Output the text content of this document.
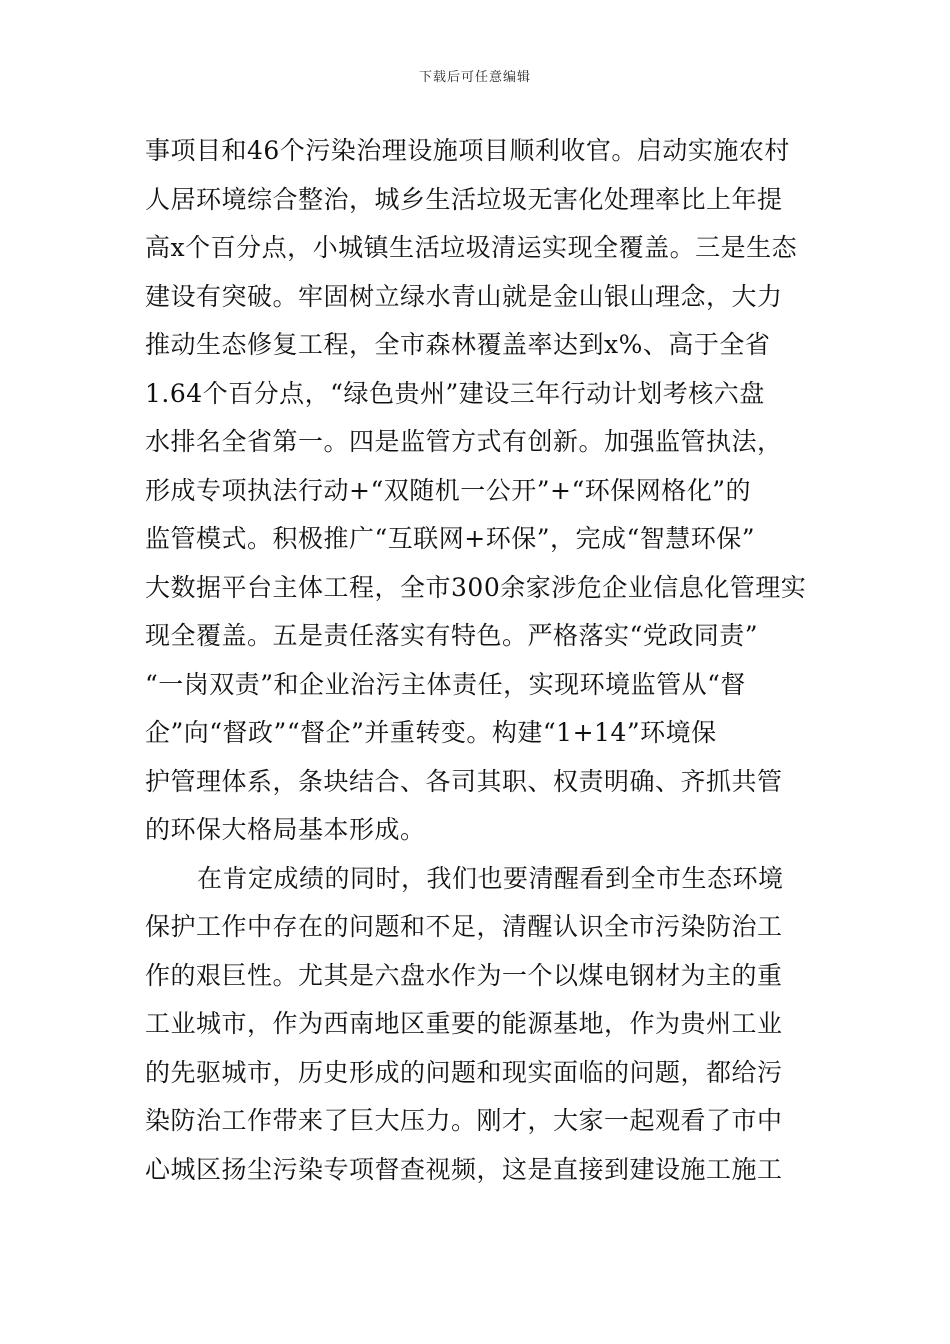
下载后可任意编辑
事项目和46个污染治理设施项目顺利收官。启动实施农村
人居环境综合整治，城乡生活垃圾无害化处理率比上年提
高x个百分点，小城镇生活垃圾清运实现全覆盖。三是生态
建设有突破。牢固树立绿水青山就是金山银山理念，大力
推动生态修复工程，全市森林覆盖率达到x%、高于全省
1.64个百分点，“绿色贵州”建设三年行动计划考核六盘
水排名全省第一。四是监管方式有创新。加强监管执法，
形成专项执法行动+“双随机一公开”+“环保网格化”的
监管模式。积极推广“互联网+环保”，完成“智慧环保”
大数据平台主体工程，全市300余家涉危企业信息化管理实
现全覆盖。五是责任落实有特色。严格落实“党政同责”
“一岗双责”和企业治污主体责任，实现环境监管从“督
企”向“督政”“督企”并重转变。构建“1+14”环境保
护管理体系，条块结合、各司其职、权责明确、齐抓共管
的环保大格局基本形成。
在肯定成绩的同时，我们也要清醒看到全市生态环境
保护工作中存在的问题和不足，清醒认识全市污染防治工
作的艰巨性。尤其是六盘水作为一个以煤电钢材为主的重
工业城市，作为西南地区重要的能源基地，作为贵州工业
的先驱城市，历史形成的问题和现实面临的问题，都给污
染防治工作带来了巨大压力。刚才，大家一起观看了市中
心城区扬尘污染专项督查视频，这是直接到建设施工施工
